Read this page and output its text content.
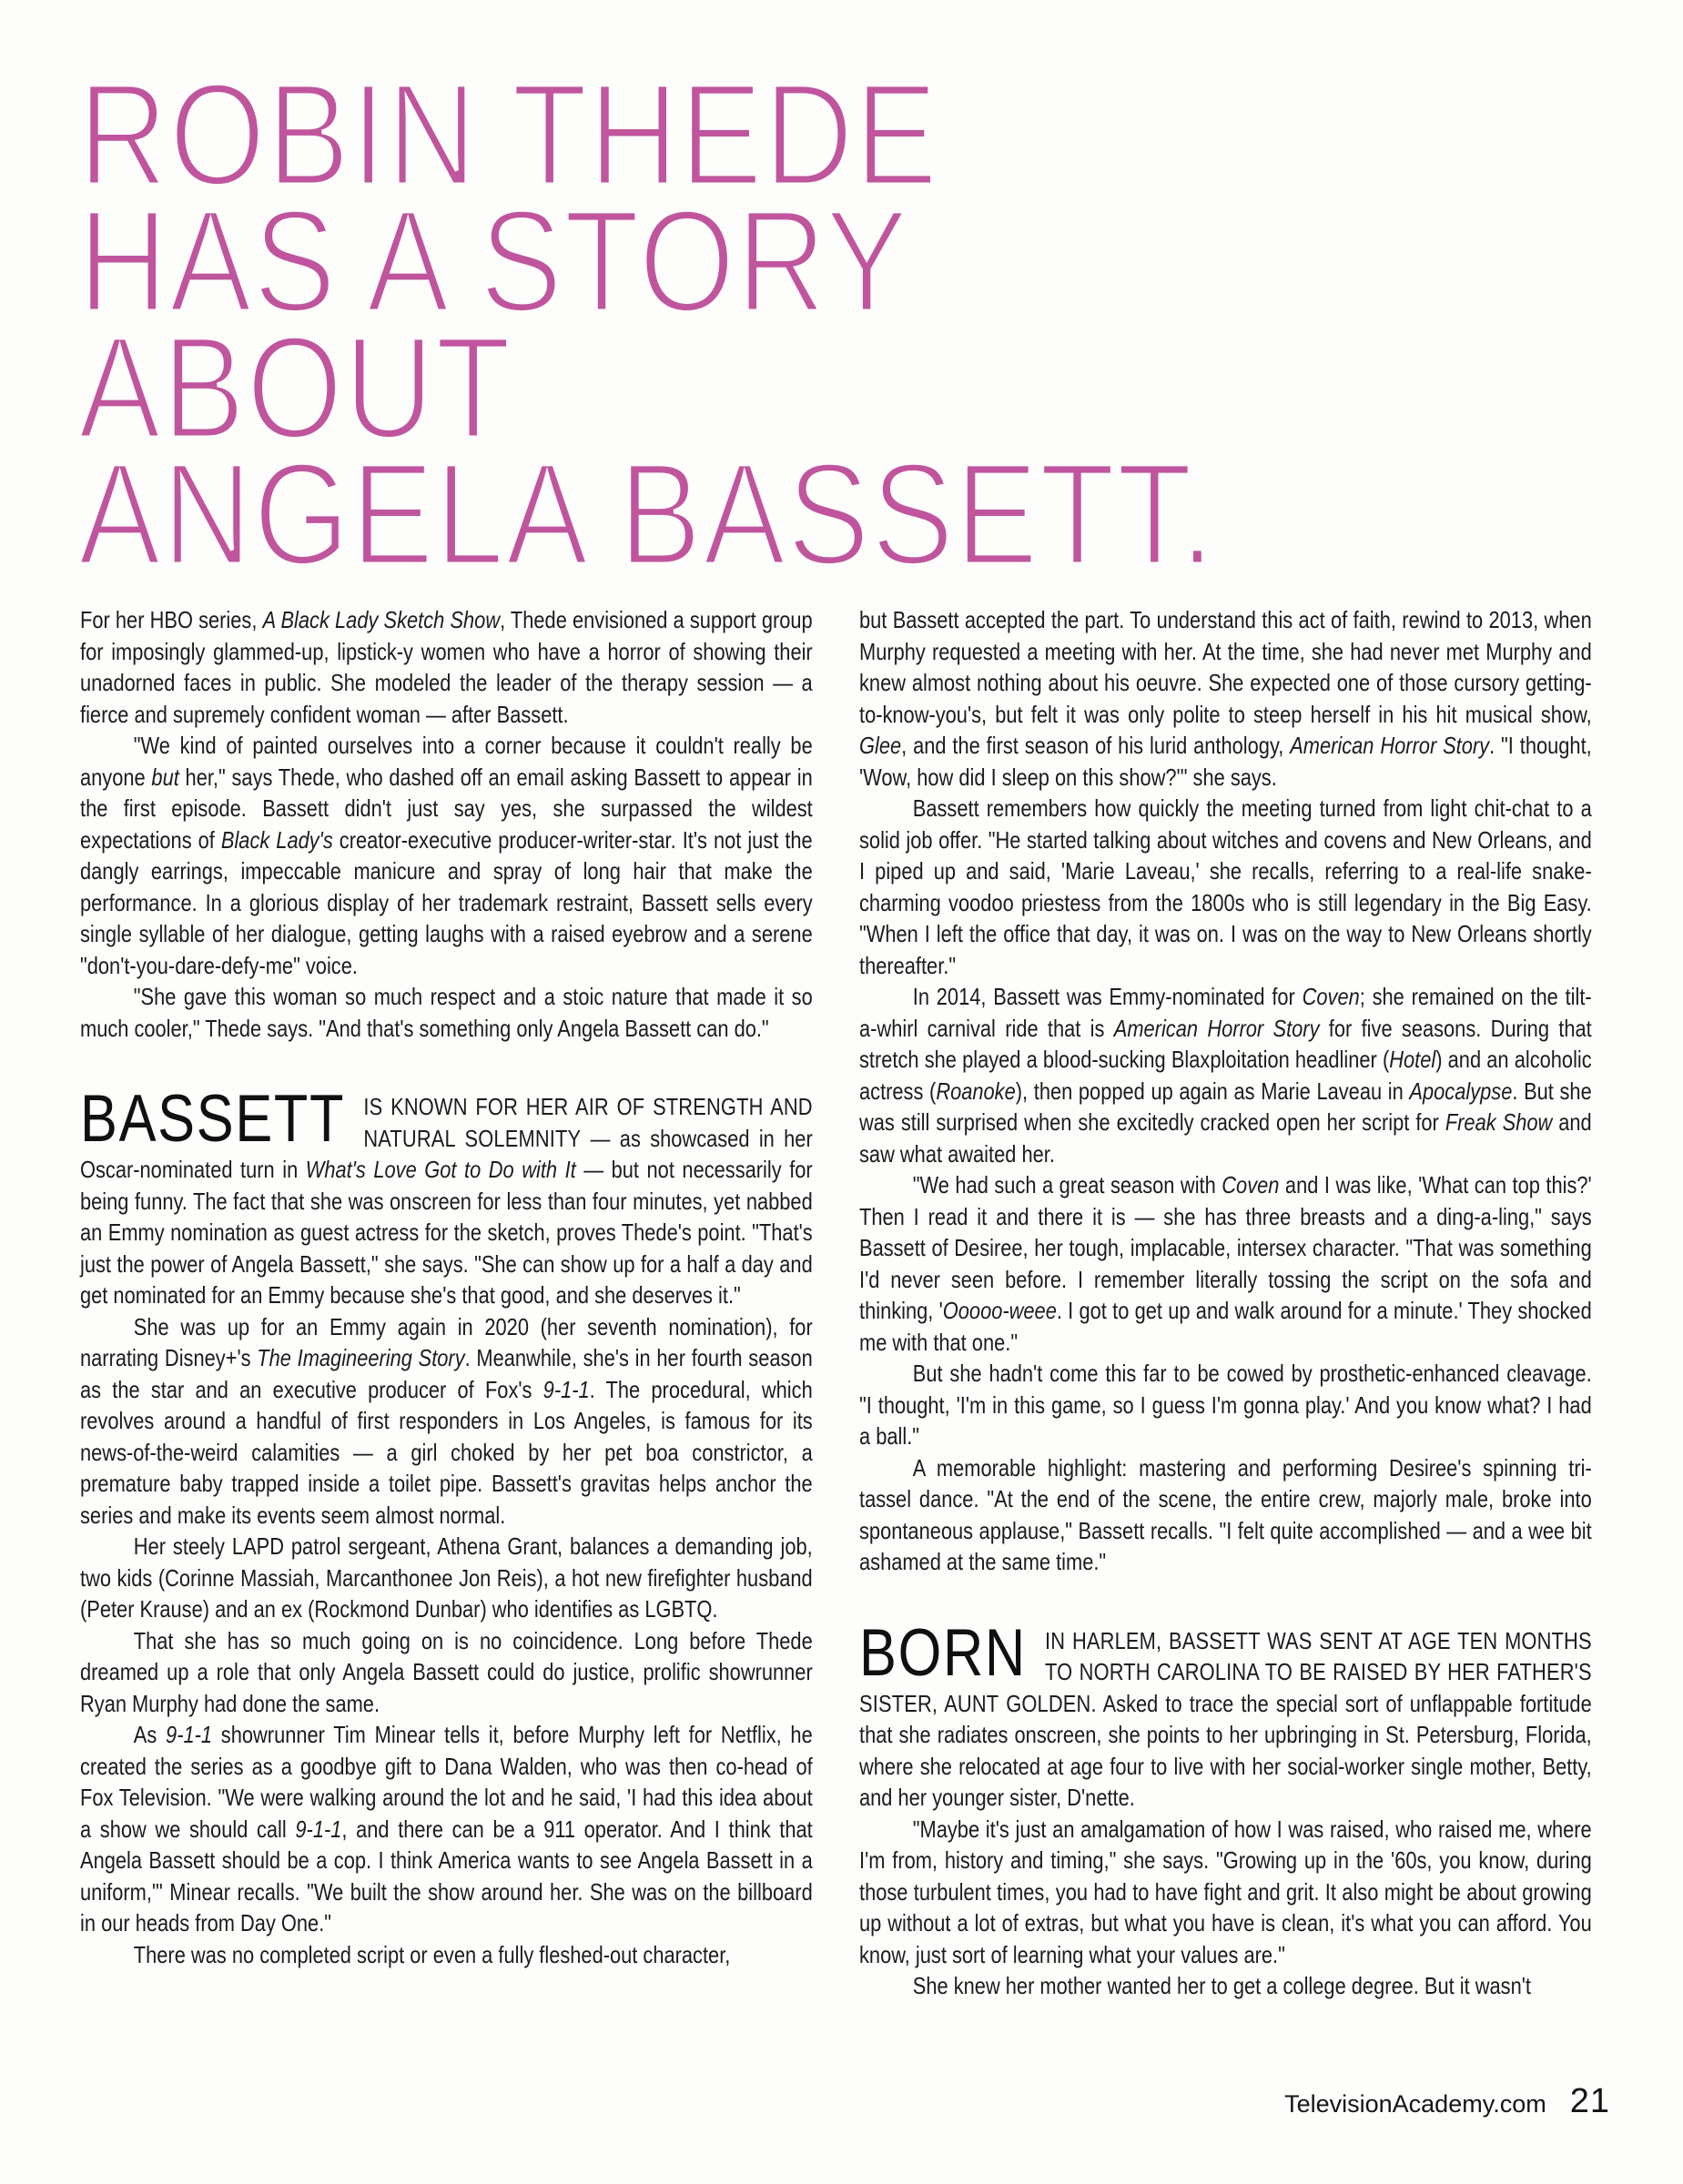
ROBIN THEDE
HAS A STORY
ABOUT
ANGELA BASSETT.

For her HBO series, A Black Lady Sketch Show, Thede envisioned a support group for imposingly glammed-up, lipstick-y women who have a horror of showing their unadorned faces in public. She modeled the leader of the therapy session — a fierce and supremely confident woman — after Bassett.

"We kind of painted ourselves into a corner because it couldn't really be anyone but her," says Thede, who dashed off an email asking Bassett to appear in the first episode. Bassett didn't just say yes, she surpassed the wildest expectations of Black Lady's creator-executive producer-writer-star. It's not just the dangly earrings, impeccable manicure and spray of long hair that make the performance. In a glorious display of her trademark restraint, Bassett sells every single syllable of her dialogue, getting laughs with a raised eyebrow and a serene "don't-you-dare-defy-me" voice.

"She gave this woman so much respect and a stoic nature that made it so much cooler," Thede says. "And that's something only Angela Bassett can do."

BASSETT IS KNOWN FOR HER AIR OF STRENGTH AND NATURAL SOLEMNITY — as showcased in her Oscar-nominated turn in What's Love Got to Do with It — but not necessarily for being funny. The fact that she was onscreen for less than four minutes, yet nabbed an Emmy nomination as guest actress for the sketch, proves Thede's point. "That's just the power of Angela Bassett," she says. "She can show up for a half a day and get nominated for an Emmy because she's that good, and she deserves it."

She was up for an Emmy again in 2020 (her seventh nomination), for narrating Disney+'s The Imagineering Story. Meanwhile, she's in her fourth season as the star and an executive producer of Fox's 9-1-1. The procedural, which revolves around a handful of first responders in Los Angeles, is famous for its news-of-the-weird calamities — a girl choked by her pet boa constrictor, a premature baby trapped inside a toilet pipe. Bassett's gravitas helps anchor the series and make its events seem almost normal.

Her steely LAPD patrol sergeant, Athena Grant, balances a demanding job, two kids (Corinne Massiah, Marcanthonee Jon Reis), a hot new firefighter husband (Peter Krause) and an ex (Rockmond Dunbar) who identifies as LGBTQ.

That she has so much going on is no coincidence. Long before Thede dreamed up a role that only Angela Bassett could do justice, prolific showrunner Ryan Murphy had done the same.

As 9-1-1 showrunner Tim Minear tells it, before Murphy left for Netflix, he created the series as a goodbye gift to Dana Walden, who was then co-head of Fox Television. "We were walking around the lot and he said, 'I had this idea about a show we should call 9-1-1, and there can be a 911 operator. And I think that Angela Bassett should be a cop. I think America wants to see Angela Bassett in a uniform,'" Minear recalls. "We built the show around her. She was on the billboard in our heads from Day One."

There was no completed script or even a fully fleshed-out character,

but Bassett accepted the part. To understand this act of faith, rewind to 2013, when Murphy requested a meeting with her. At the time, she had never met Murphy and knew almost nothing about his oeuvre. She expected one of those cursory getting-to-know-you's, but felt it was only polite to steep herself in his hit musical show, Glee, and the first season of his lurid anthology, American Horror Story. "I thought, 'Wow, how did I sleep on this show?'" she says.

Bassett remembers how quickly the meeting turned from light chit-chat to a solid job offer. "He started talking about witches and covens and New Orleans, and I piped up and said, 'Marie Laveau,' she recalls, referring to a real-life snake-charming voodoo priestess from the 1800s who is still legendary in the Big Easy. "When I left the office that day, it was on. I was on the way to New Orleans shortly thereafter."

In 2014, Bassett was Emmy-nominated for Coven; she remained on the tilt-a-whirl carnival ride that is American Horror Story for five seasons. During that stretch she played a blood-sucking Blaxploitation headliner (Hotel) and an alcoholic actress (Roanoke), then popped up again as Marie Laveau in Apocalypse. But she was still surprised when she excitedly cracked open her script for Freak Show and saw what awaited her.

"We had such a great season with Coven and I was like, 'What can top this?' Then I read it and there it is — she has three breasts and a ding-a-ling," says Bassett of Desiree, her tough, implacable, intersex character. "That was something I'd never seen before. I remember literally tossing the script on the sofa and thinking, 'Ooooo-weee. I got to get up and walk around for a minute.' They shocked me with that one."

But she hadn't come this far to be cowed by prosthetic-enhanced cleavage. "I thought, 'I'm in this game, so I guess I'm gonna play.' And you know what? I had a ball."

A memorable highlight: mastering and performing Desiree's spinning tri-tassel dance. "At the end of the scene, the entire crew, majorly male, broke into spontaneous applause," Bassett recalls. "I felt quite accomplished — and a wee bit ashamed at the same time."

BORN IN HARLEM, BASSETT WAS SENT AT AGE TEN MONTHS TO NORTH CAROLINA TO BE RAISED BY HER FATHER'S SISTER, AUNT GOLDEN. Asked to trace the special sort of unflappable fortitude that she radiates onscreen, she points to her upbringing in St. Petersburg, Florida, where she relocated at age four to live with her social-worker single mother, Betty, and her younger sister, D'nette.

"Maybe it's just an amalgamation of how I was raised, who raised me, where I'm from, history and timing," she says. "Growing up in the '60s, you know, during those turbulent times, you had to have fight and grit. It also might be about growing up without a lot of extras, but what you have is clean, it's what you can afford. You know, just sort of learning what your values are."

She knew her mother wanted her to get a college degree. But it wasn't

TelevisionAcademy.com 21
